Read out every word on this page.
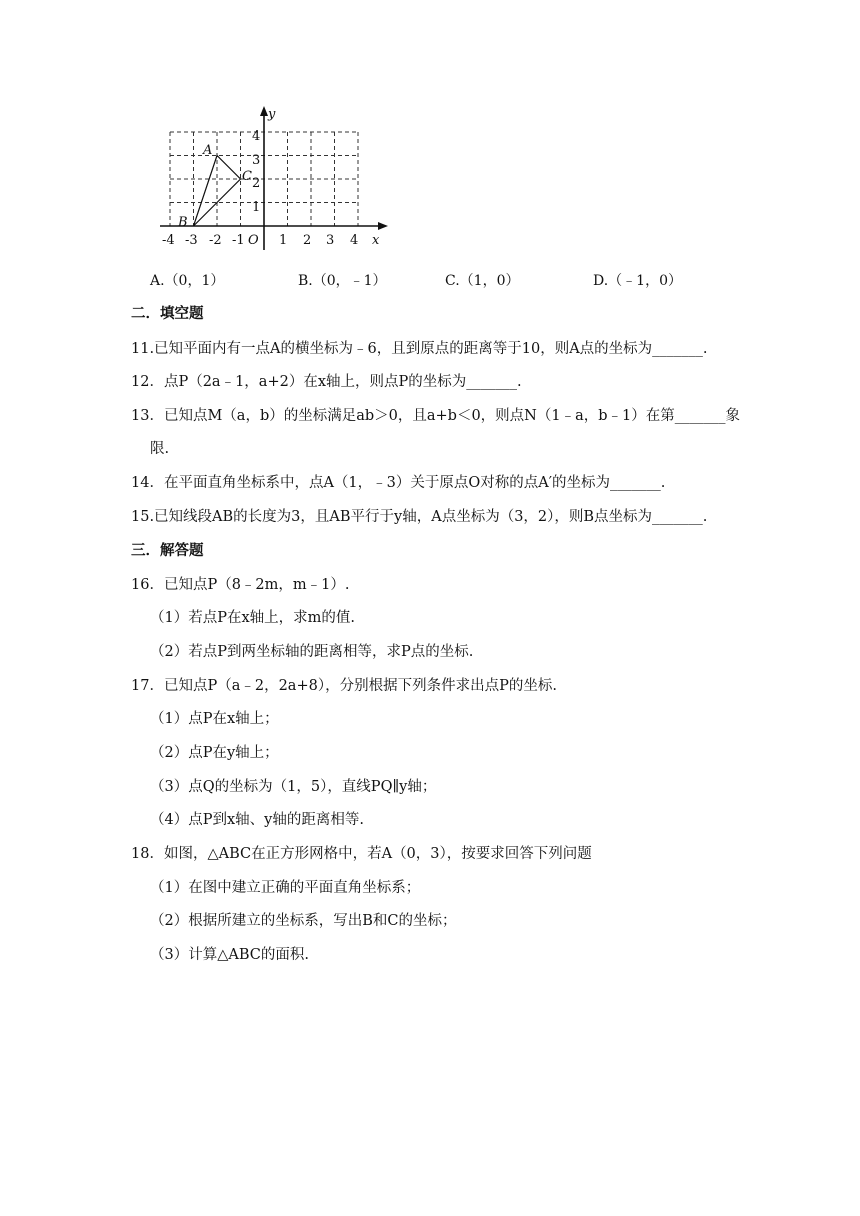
y
x
O
-4 -3 -2 -1	1 2 3 4
1
2
3
4
A
B
C
A.（0，1）	B.（0，﹣1）	C.（1，0）	D.（﹣1，0）
二．填空题
11.已知平面内有一点A的横坐标为﹣6，且到原点的距离等于10，则A点的坐标为_______.
12．点P（2a﹣1，a+2）在x轴上，则点P的坐标为_______.
13．已知点M（a，b）的坐标满足ab＞0，且a+b＜0，则点N（1﹣a，b﹣1）在第_______象
限.
14．在平面直角坐标系中，点A（1，﹣3）关于原点O对称的点A′的坐标为_______.
15.已知线段AB的长度为3，且AB平行于y轴，A点坐标为（3，2），则B点坐标为_______.
三．解答题
16．已知点P（8﹣2m，m﹣1）.
（1）若点P在x轴上，求m的值.
（2）若点P到两坐标轴的距离相等，求P点的坐标.
17．已知点P（a﹣2，2a+8），分别根据下列条件求出点P的坐标.
（1）点P在x轴上；
（2）点P在y轴上；
（3）点Q的坐标为（1，5），直线PQ∥y轴；
（4）点P到x轴、y轴的距离相等.
18．如图，△ABC在正方形网格中，若A（0，3），按要求回答下列问题
（1）在图中建立正确的平面直角坐标系；
（2）根据所建立的坐标系，写出B和C的坐标；
（3）计算△ABC的面积.
